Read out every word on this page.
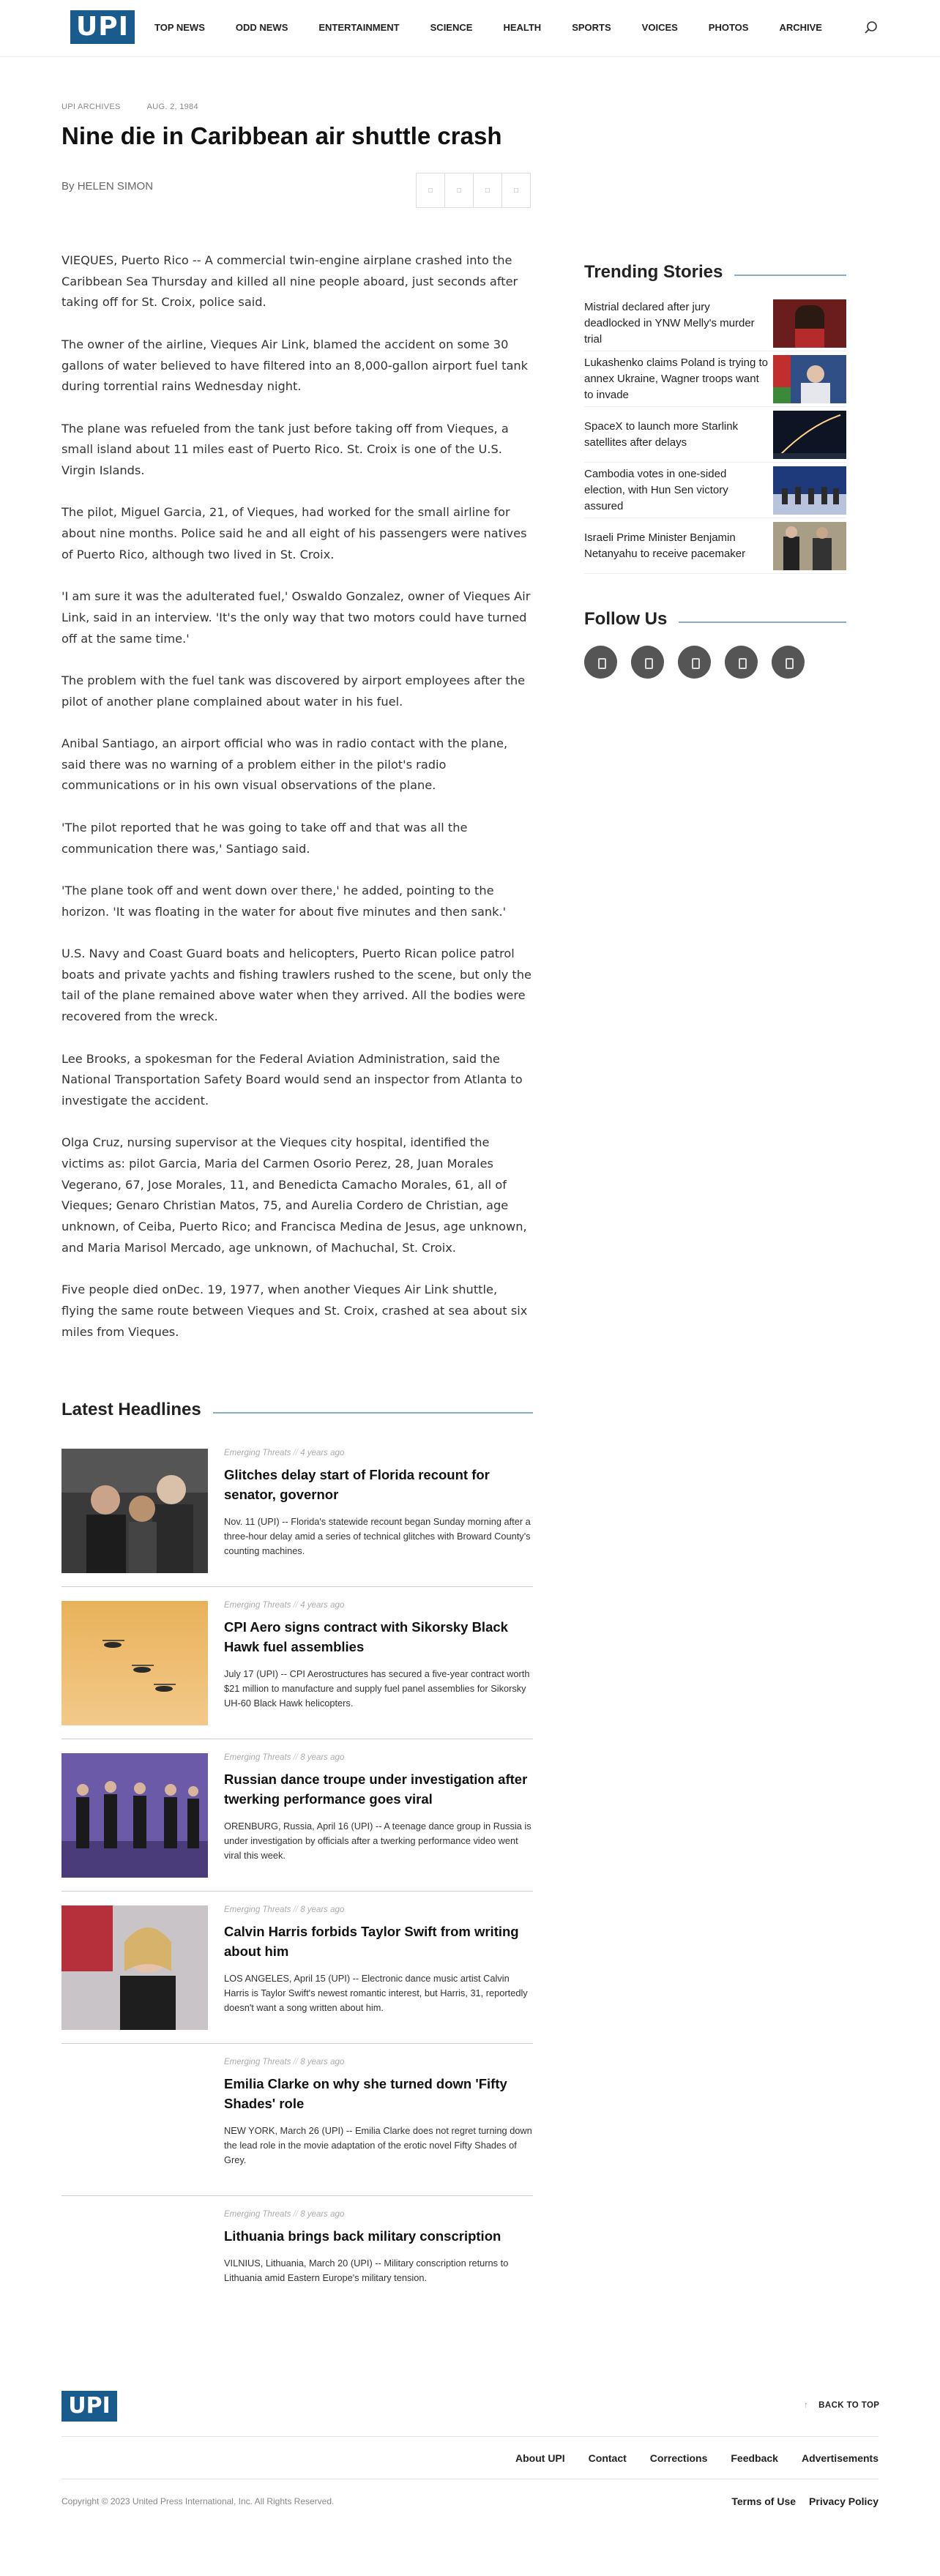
UPI	TOP NEWS	ODD NEWS	ENTERTAINMENT	SCIENCE	HEALTH	SPORTS	VOICES	PHOTOS	ARCHIVE
UPI ARCHIVES	AUG. 2, 1984
Nine die in Caribbean air shuttle crash
By HELEN SIMON	□	□	□	□

VIEQUES, Puerto Rico -- A commercial twin-engine airplane crashed into the Caribbean Sea Thursday and killed all nine people aboard, just seconds after taking off for St. Croix, police said.

The owner of the airline, Vieques Air Link, blamed the accident on some 30 gallons of water believed to have filtered into an 8,000-gallon airport fuel tank during torrential rains Wednesday night.

The plane was refueled from the tank just before taking off from Vieques, a small island about 11 miles east of Puerto Rico. St. Croix is one of the U.S. Virgin Islands.

The pilot, Miguel Garcia, 21, of Vieques, had worked for the small airline for about nine months. Police said he and all eight of his passengers were natives of Puerto Rico, although two lived in St. Croix.

'I am sure it was the adulterated fuel,' Oswaldo Gonzalez, owner of Vieques Air Link, said in an interview. 'It's the only way that two motors could have turned off at the same time.'

The problem with the fuel tank was discovered by airport employees after the pilot of another plane complained about water in his fuel.

Anibal Santiago, an airport official who was in radio contact with the plane, said there was no warning of a problem either in the pilot's radio communications or in his own visual observations of the plane.

'The pilot reported that he was going to take off and that was all the communication there was,' Santiago said.

'The plane took off and went down over there,' he added, pointing to the horizon. 'It was floating in the water for about five minutes and then sank.'

U.S. Navy and Coast Guard boats and helicopters, Puerto Rican police patrol boats and private yachts and fishing trawlers rushed to the scene, but only the tail of the plane remained above water when they arrived. All the bodies were recovered from the wreck.

Lee Brooks, a spokesman for the Federal Aviation Administration, said the National Transportation Safety Board would send an inspector from Atlanta to investigate the accident.

Olga Cruz, nursing supervisor at the Vieques city hospital, identified the victims as: pilot Garcia, Maria del Carmen Osorio Perez, 28, Juan Morales Vegerano, 67, Jose Morales, 11, and Benedicta Camacho Morales, 61, all of Vieques; Genaro Christian Matos, 75, and Aurelia Cordero de Christian, age unknown, of Ceiba, Puerto Rico; and Francisca Medina de Jesus, age unknown, and Maria Marisol Mercado, age unknown, of Machuchal, St. Croix.

Five people died onDec. 19, 1977, when another Vieques Air Link shuttle, flying the same route between Vieques and St. Croix, crashed at sea about six miles from Vieques.

Trending Stories
Mistrial declared after jury deadlocked in YNW Melly's murder trial
Lukashenko claims Poland is trying to annex Ukraine, Wagner troops want to invade
SpaceX to launch more Starlink satellites after delays
Cambodia votes in one-sided election, with Hun Sen victory assured
Israeli Prime Minister Benjamin Netanyahu to receive pacemaker
Follow Us
Latest Headlines
Emerging Threats // 4 years ago
Glitches delay start of Florida recount for senator, governor
Nov. 11 (UPI) -- Florida's statewide recount began Sunday morning after a three-hour delay amid a series of technical glitches with Broward County's counting machines.
Emerging Threats // 4 years ago
CPI Aero signs contract with Sikorsky Black Hawk fuel assemblies
July 17 (UPI) -- CPI Aerostructures has secured a five-year contract worth $21 million to manufacture and supply fuel panel assemblies for Sikorsky UH-60 Black Hawk helicopters.
Emerging Threats // 8 years ago
Russian dance troupe under investigation after twerking performance goes viral
ORENBURG, Russia, April 16 (UPI) -- A teenage dance group in Russia is under investigation by officials after a twerking performance video went viral this week.
Emerging Threats // 8 years ago
Calvin Harris forbids Taylor Swift from writing about him
LOS ANGELES, April 15 (UPI) -- Electronic dance music artist Calvin Harris is Taylor Swift's newest romantic interest, but Harris, 31, reportedly doesn't want a song written about him.
Emerging Threats // 8 years ago
Emilia Clarke on why she turned down 'Fifty Shades' role
NEW YORK, March 26 (UPI) -- Emilia Clarke does not regret turning down the lead role in the movie adaptation of the erotic novel Fifty Shades of Grey.
Emerging Threats // 8 years ago
Lithuania brings back military conscription
VILNIUS, Lithuania, March 20 (UPI) -- Military conscription returns to Lithuania amid Eastern Europe's military tension.
UPI	↑ BACK TO TOP
About UPI Contact Corrections Feedback Advertisements
Copyright © 2023 United Press International, Inc. All Rights Reserved.	Terms of Use Privacy Policy
